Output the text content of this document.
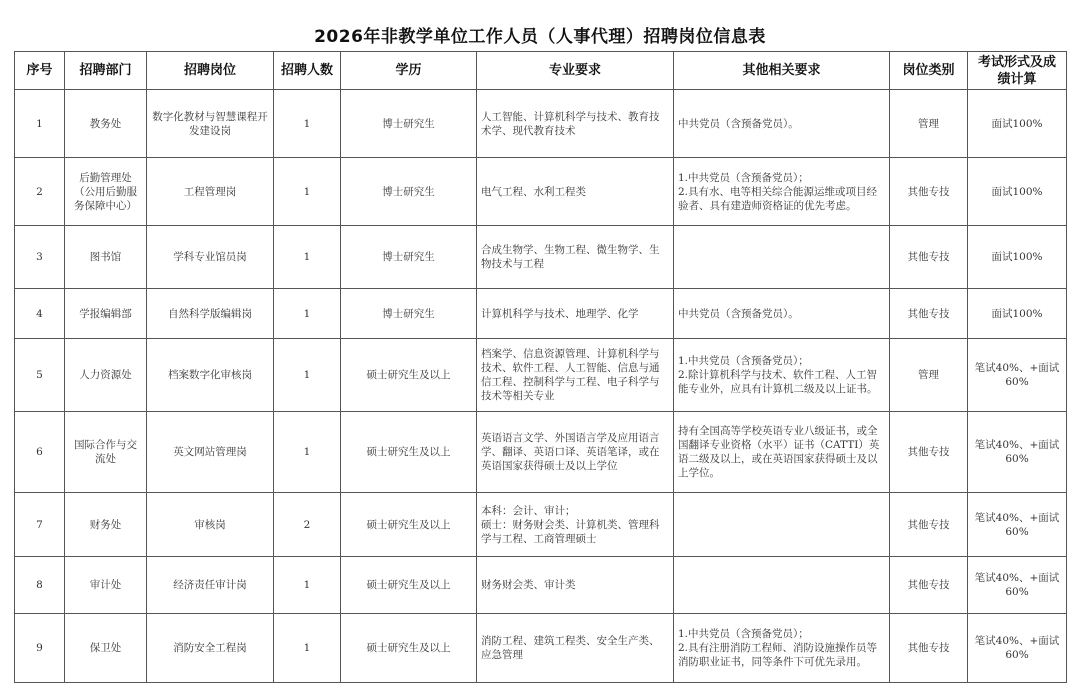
2026年非教学单位工作人员（人事代理）招聘岗位信息表
序号	招聘部门	招聘岗位	招聘人数	学历	专业要求	其他相关要求	岗位类别	考试形式及成绩计算
1	教务处	数字化教材与智慧课程开发建设岗	1	博士研究生	人工智能、计算机科学与技术、教育技术学、现代教育技术	中共党员（含预备党员）。	管理	面试100%
2	后勤管理处（公用后勤服务保障中心）	工程管理岗	1	博士研究生	电气工程、水利工程类	1.中共党员（含预备党员）；
2.具有水、电等相关综合能源运维或项目经验者、具有建造师资格证的优先考虑。	其他专技	面试100%
3	图书馆	学科专业馆员岗	1	博士研究生	合成生物学、生物工程、微生物学、生物技术与工程		其他专技	面试100%
4	学报编辑部	自然科学版编辑岗	1	博士研究生	计算机科学与技术、地理学、化学	中共党员（含预备党员）。	其他专技	面试100%
5	人力资源处	档案数字化审核岗	1	硕士研究生及以上	档案学、信息资源管理、计算机科学与技术、软件工程、人工智能、信息与通信工程、控制科学与工程、电子科学与技术等相关专业	1.中共党员（含预备党员）；
2.除计算机科学与技术、软件工程、人工智能专业外，应具有计算机二级及以上证书。	管理	笔试40%、+面试60%
6	国际合作与交流处	英文网站管理岗	1	硕士研究生及以上	英语语言文学、外国语言学及应用语言学、翻译、英语口译、英语笔译，或在英语国家获得硕士及以上学位	持有全国高等学校英语专业八级证书，或全国翻译专业资格（水平）证书（CATTI）英语二级及以上，或在英语国家获得硕士及以上学位。	其他专技	笔试40%、+面试60%
7	财务处	审核岗	2	硕士研究生及以上	本科：会计、审计；
硕士：财务财会类、计算机类、管理科学与工程、工商管理硕士		其他专技	笔试40%、+面试60%
8	审计处	经济责任审计岗	1	硕士研究生及以上	财务财会类、审计类		其他专技	笔试40%、+面试60%
9	保卫处	消防安全工程岗	1	硕士研究生及以上	消防工程、建筑工程类、安全生产类、应急管理	1.中共党员（含预备党员）；
2.具有注册消防工程师、消防设施操作员等消防职业证书，同等条件下可优先录用。	其他专技	笔试40%、+面试60%
